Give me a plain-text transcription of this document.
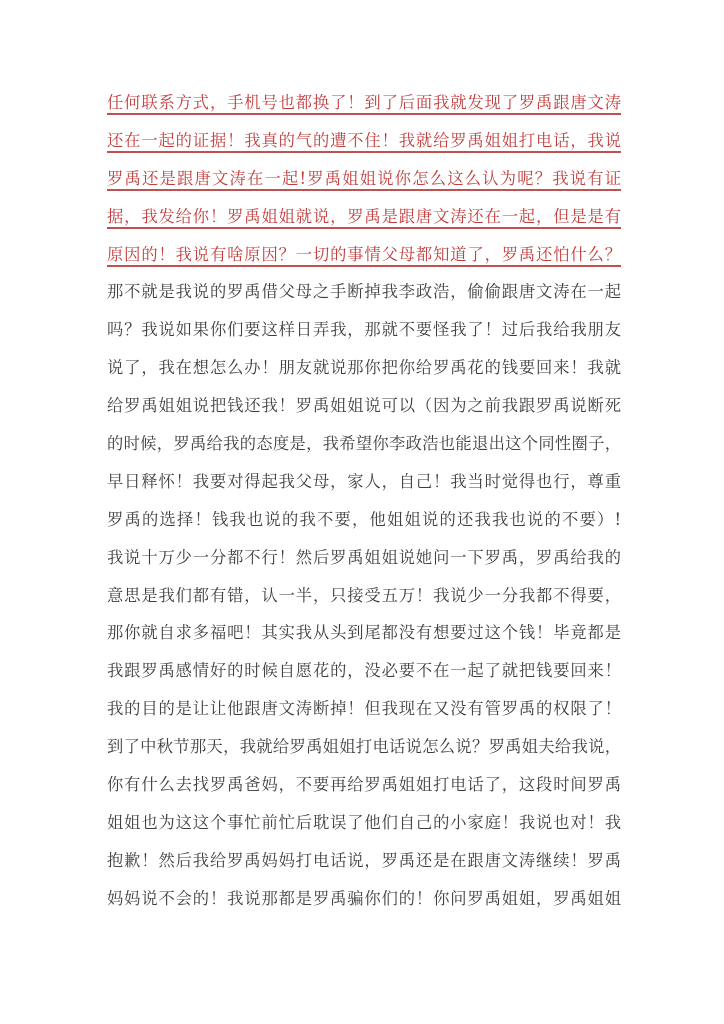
任何联系方式，手机号也都换了！到了后面我就发现了罗禹跟唐文涛
还在一起的证据！我真的气的遭不住！我就给罗禹姐姐打电话，我说
罗禹还是跟唐文涛在一起!罗禹姐姐说你怎么这么认为呢？我说有证
据，我发给你！罗禹姐姐就说，罗禹是跟唐文涛还在一起，但是是有
原因的！我说有啥原因？一切的事情父母都知道了，罗禹还怕什么？
那不就是我说的罗禹借父母之手断掉我李政浩，偷偷跟唐文涛在一起
吗？我说如果你们要这样日弄我，那就不要怪我了！过后我给我朋友
说了，我在想怎么办！朋友就说那你把你给罗禹花的钱要回来！我就
给罗禹姐姐说把钱还我！罗禹姐姐说可以（因为之前我跟罗禹说断死
的时候，罗禹给我的态度是，我希望你李政浩也能退出这个同性圈子，
早日释怀！我要对得起我父母，家人，自己！我当时觉得也行，尊重
罗禹的选择！钱我也说的我不要，他姐姐说的还我我也说的不要）!
我说十万少一分都不行！然后罗禹姐姐说她问一下罗禹，罗禹给我的
意思是我们都有错，认一半，只接受五万！我说少一分我都不得要，
那你就自求多福吧！其实我从头到尾都没有想要过这个钱！毕竟都是
我跟罗禹感情好的时候自愿花的，没必要不在一起了就把钱要回来！
我的目的是让让他跟唐文涛断掉！但我现在又没有管罗禹的权限了！
到了中秋节那天，我就给罗禹姐姐打电话说怎么说？罗禹姐夫给我说，
你有什么去找罗禹爸妈，不要再给罗禹姐姐打电话了，这段时间罗禹
姐姐也为这这个事忙前忙后耽误了他们自己的小家庭！我说也对！我
抱歉！然后我给罗禹妈妈打电话说，罗禹还是在跟唐文涛继续！罗禹
妈妈说不会的！我说那都是罗禹骗你们的！你问罗禹姐姐，罗禹姐姐
